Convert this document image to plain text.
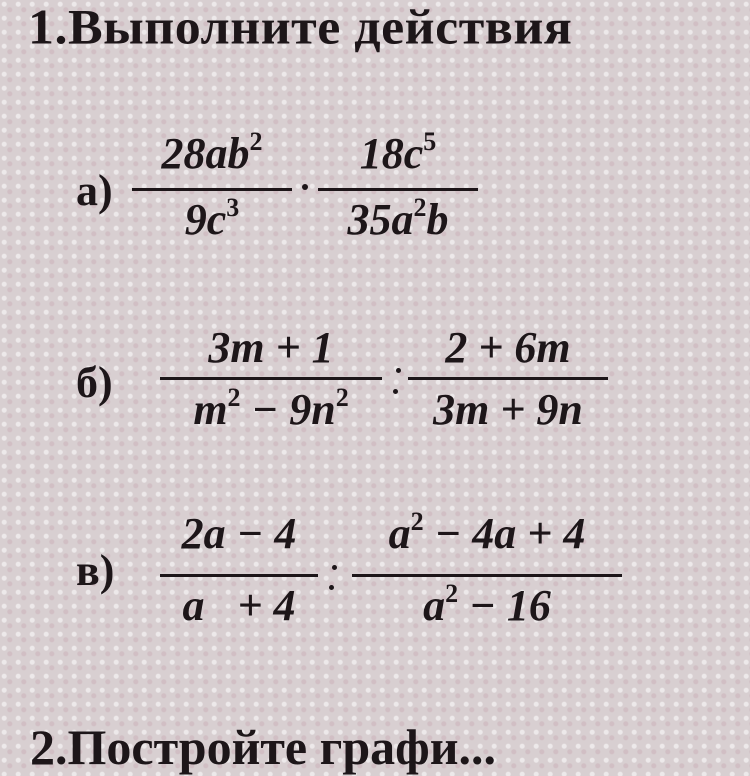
1.Выполните действия
а)
$28ab^2$
$9c^3$
$18c^5$
$35a^2b$
б)
3m + 1
$m^2 - 9n^2$
2 + 6m
3m + 9n
в)
2a − 4
a   + 4
$a^2 - 4a + 4$
$a^2 - 16$
2.Постройте графи...
